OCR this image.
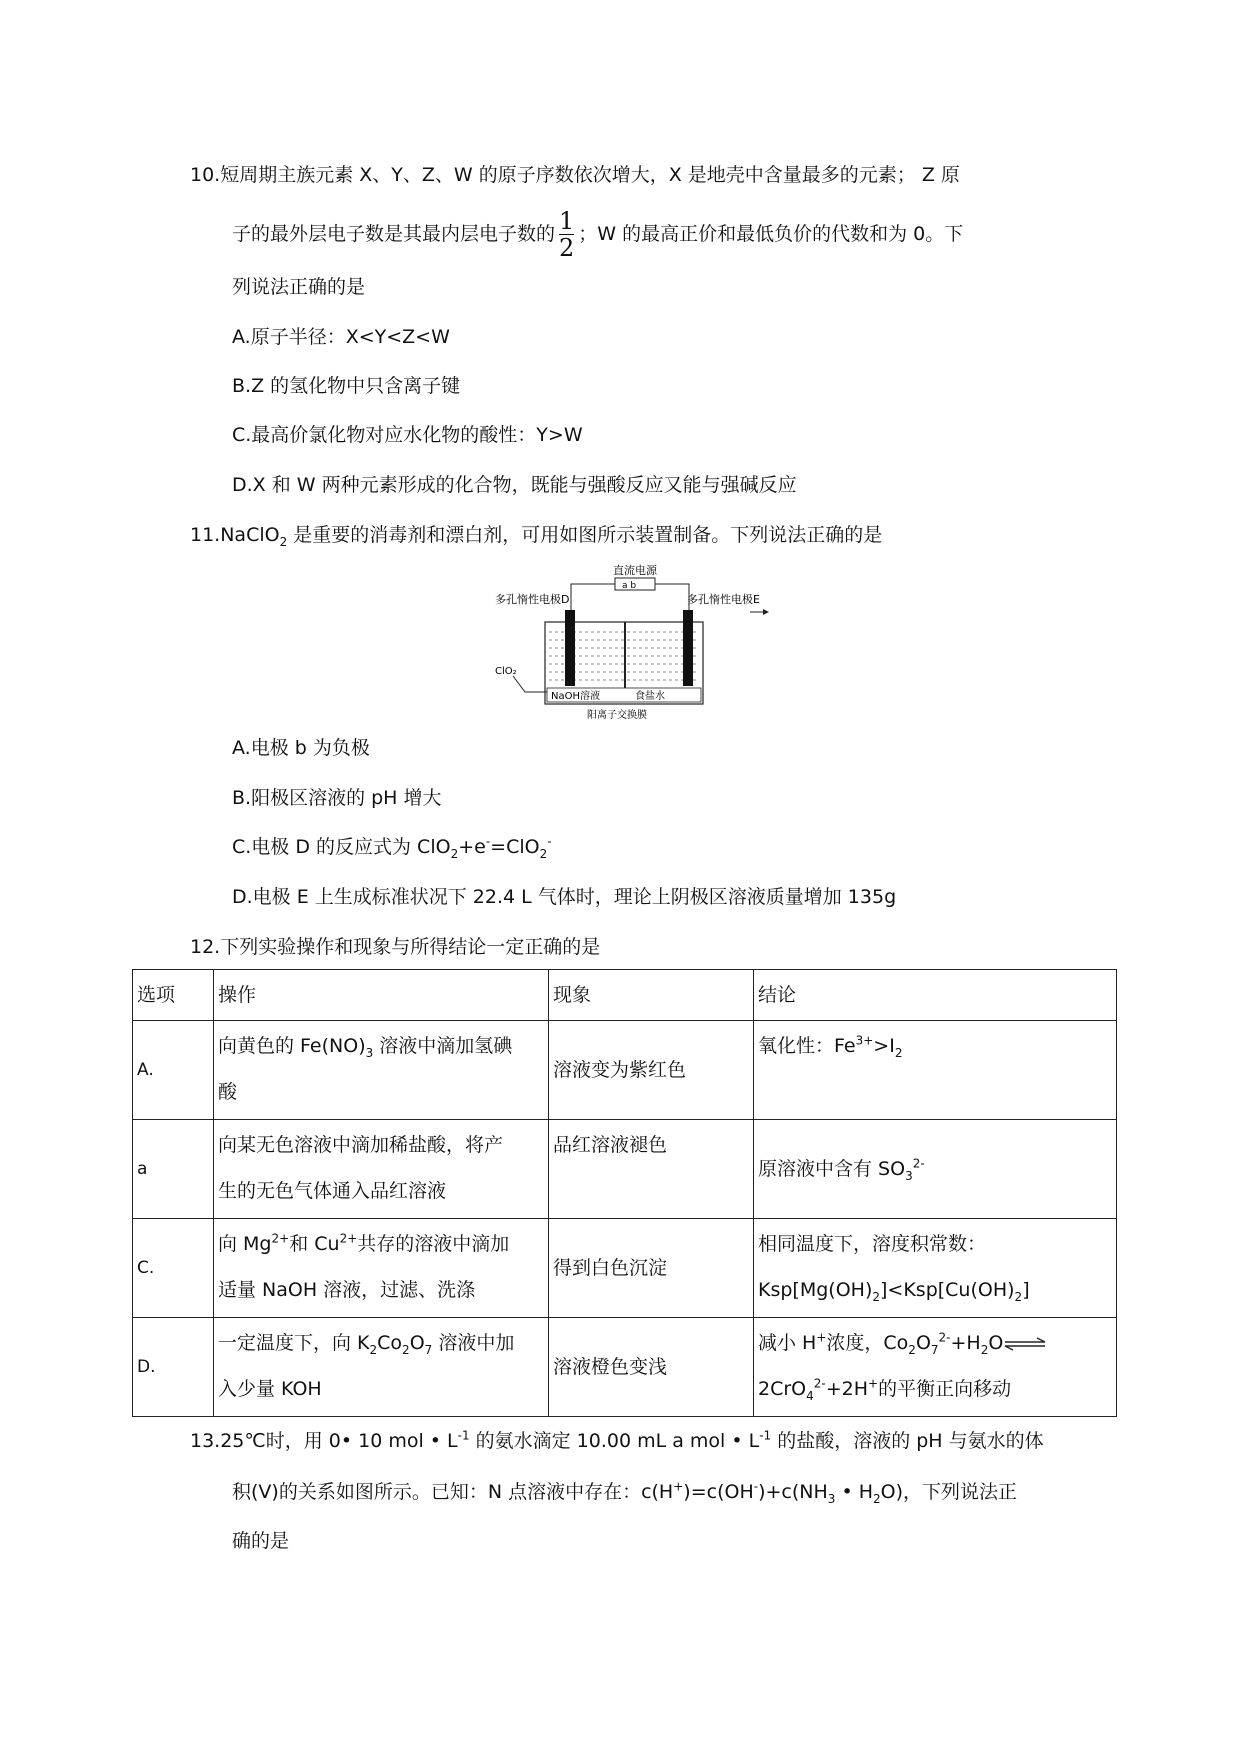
10.短周期主族元素 X、Y、Z、W 的原子序数依次增大，X 是地壳中含量最多的元素； Z 原
子的最外层电子数是其最内层电子数的 $\frac{1}{2}$ ；W 的最高正价和最低负价的代数和为 0。下
列说法正确的是
A.原子半径：X<Y<Z<W
B.Z 的氢化物中只含离子键
C.最高价氯化物对应水化物的酸性：Y>W
D.X 和 W 两种元素形成的化合物，既能与强酸反应又能与强碱反应
11.NaClO$_2$ 是重要的消毒剂和漂白剂，可用如图所示装置制备。下列说法正确的是
直流电源
a b
多孔惰性电极D	多孔惰性电极E
ClO₂
NaOH溶液	食盐水
阳离子交换膜
A.电极 b 为负极
B.阳极区溶液的 pH 增大
C.电极 D 的反应式为 ClO$_2$+e-=ClO$_2$-
D.电极 E 上生成标准状况下 22.4 L 气体时，理论上阴极区溶液质量增加 135g
12.下列实验操作和现象与所得结论一定正确的是
选项	操作	现象	结论
A.	向黄色的 $Fe(NO)_3$ 溶液中滴加氢碘
酸	溶液变为紫红色	氧化性：$Fe^{3+}>I_2$
a	向某无色溶液中滴加稀盐酸，将产
生的无色气体通入品红溶液	品红溶液褪色	原溶液中含有 $SO_3^{2-}$
C.	向 $Mg^{2+}$和 $Cu^{2+}$共存的溶液中滴加
适量 NaOH 溶液，过滤、洗涤	得到白色沉淀	相同温度下，溶度积常数：
$Ksp[Mg(OH)_2]<Ksp[Cu(OH)_2]$
D.	一定温度下，向 $K_2Co_2O_7$ 溶液中加
入少量 KOH	溶液橙色变浅	减小 H+浓度，$Co_2O_7^{2-}+H_2O\rightleftharpoons$
2CrO$_4^{2-}$+2H+的平衡正向移动
13.25℃时，用 0• 10 mol • $L^{-1}$ 的氨水滴定 10.00 mL a mol • $L^{-1}$ 的盐酸，溶液的 pH 与氨水的体
积(V)的关系如图所示。已知：N 点溶液中存在：$c(H^+)=c(OH^-)+c(NH_3$ • $H_2O$)，下列说法正
确的是
